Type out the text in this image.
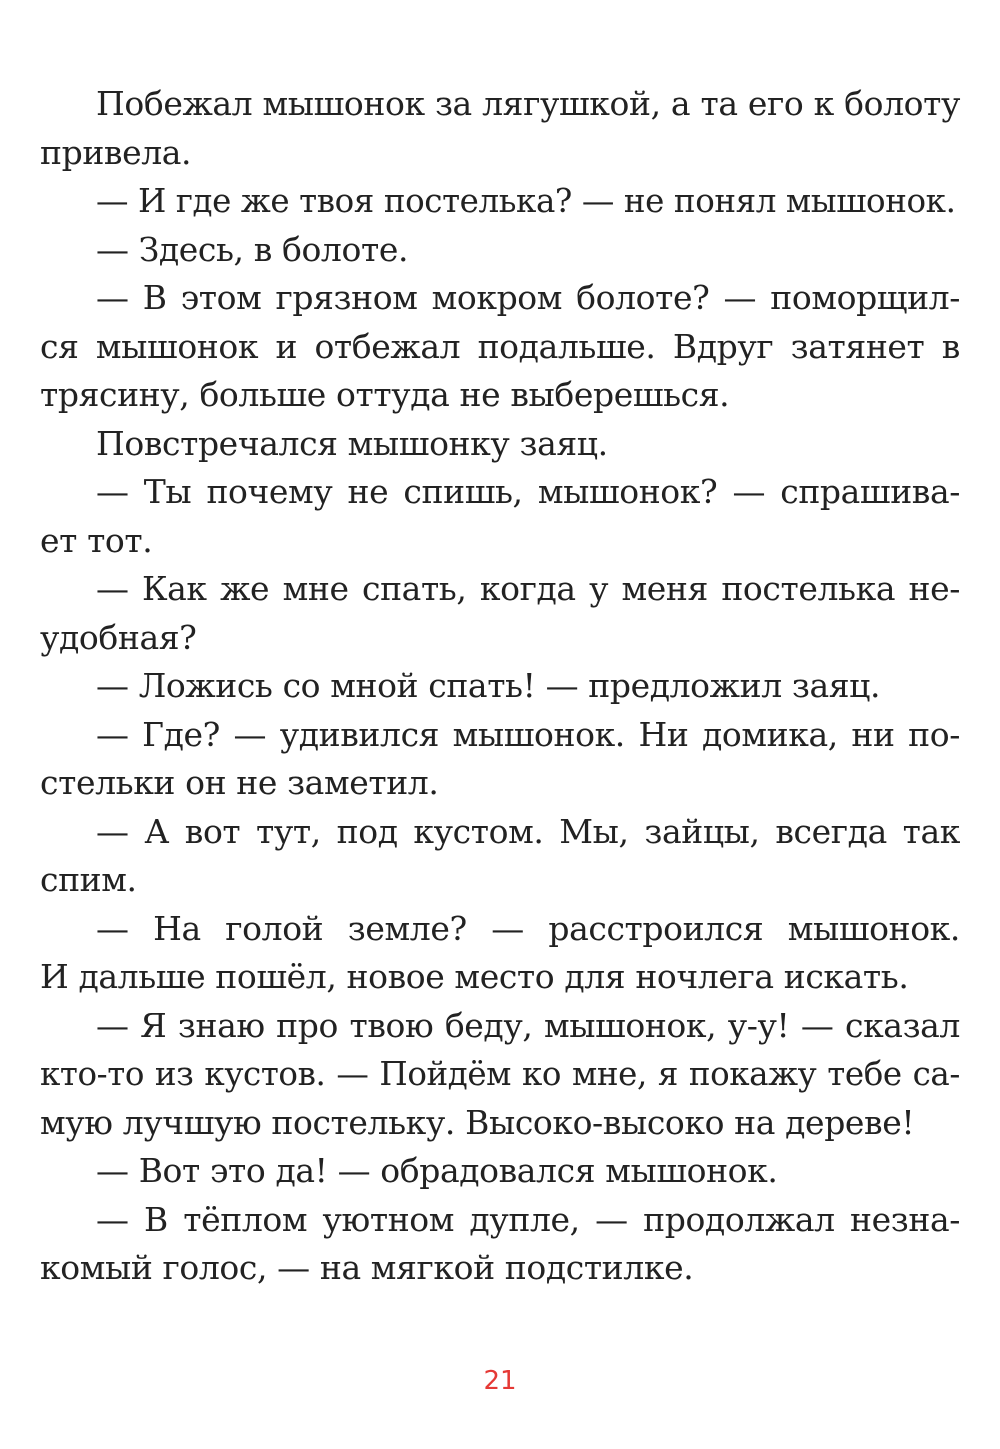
Побежал мышонок за лягушкой, а та его к болоту
привела.
— И где же твоя постелька? — не понял мышонок.
— Здесь, в болоте.
— В этом грязном мокром болоте? — поморщил-
ся мышонок и отбежал подальше. Вдруг затянет в
трясину, больше оттуда не выберешься.
Повстречался мышонку заяц.
— Ты почему не спишь, мышонок? — спрашива-
ет тот.
— Как же мне спать, когда у меня постелька не-
удобная?
— Ложись со мной спать! — предложил заяц.
— Где? — удивился мышонок. Ни домика, ни по-
стельки он не заметил.
— А вот тут, под кустом. Мы, зайцы, всегда так
спим.
— На голой земле? — расстроился мышонок.
И дальше пошёл, новое место для ночлега искать.
— Я знаю про твою беду, мышонок, у-у! — сказал
кто-то из кустов. — Пойдём ко мне, я покажу тебе са-
мую лучшую постельку. Высоко-высоко на дереве!
— Вот это да! — обрадовался мышонок.
— В тёплом уютном дупле, — продолжал незна-
комый голос, — на мягкой подстилке.
21
